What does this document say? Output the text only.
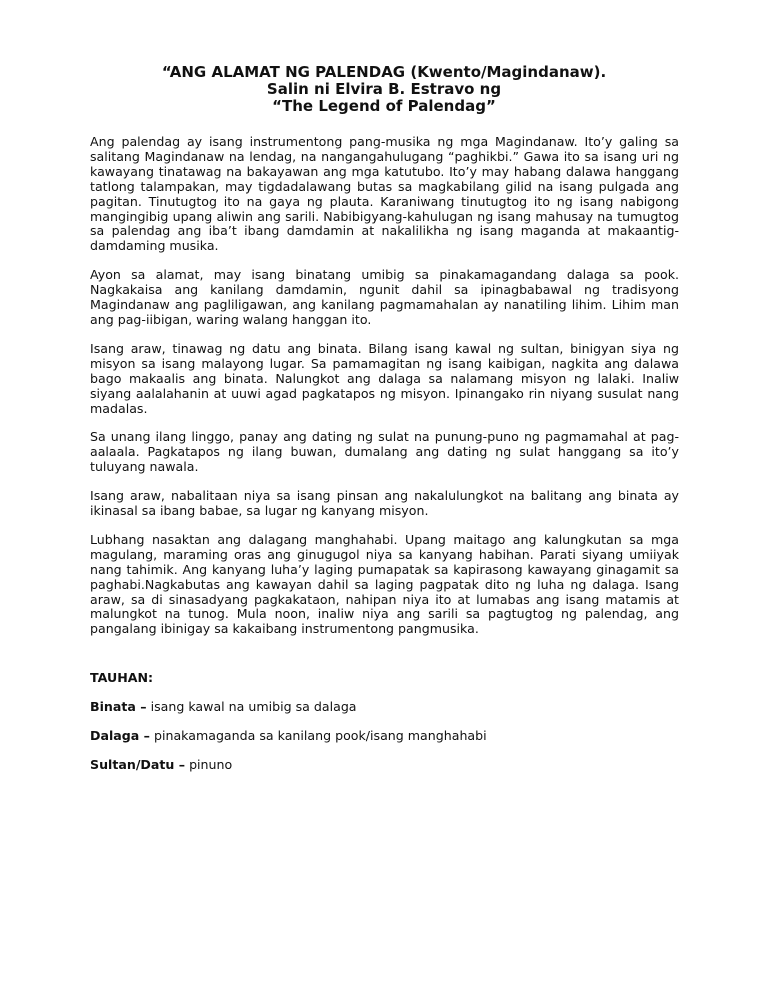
“ANG ALAMAT NG PALENDAG (Kwento/Magindanaw).
Salin ni Elvira B. Estravo ng
“The Legend of Palendag”

Ang palendag ay isang instrumentong pang-musika ng mga Magindanaw. Ito’y galing sa salitang Magindanaw na lendag, na nangangahulugang “paghikbi.” Gawa ito sa isang uri ng kawayang tinatawag na bakayawan ang mga katutubo. Ito’y may habang dalawa hanggang tatlong talampakan, may tigdadalawang butas sa magkabilang gilid na isang pulgada ang pagitan. Tinutugtog ito na gaya ng plauta. Karaniwang tinutugtog ito ng isang nabigong mangingibig upang aliwin ang sarili. Nabibigyang-kahulugan ng isang mahusay na tumugtog sa palendag ang iba’t ibang damdamin at nakalilikha ng isang maganda at makaantig-damdaming musika.

Ayon sa alamat, may isang binatang umibig sa pinakamagandang dalaga sa pook. Nagkakaisa ang kanilang damdamin, ngunit dahil sa ipinagbabawal ng tradisyong Magindanaw ang pagliligawan, ang kanilang pagmamahalan ay nanatiling lihim. Lihim man ang pag-iibigan, waring walang hanggan ito.

Isang araw, tinawag ng datu ang binata. Bilang isang kawal ng sultan, binigyan siya ng misyon sa isang malayong lugar. Sa pamamagitan ng isang kaibigan, nagkita ang dalawa bago makaalis ang binata. Nalungkot ang dalaga sa nalamang misyon ng lalaki. Inaliw siyang aalalahanin at uuwi agad pagkatapos ng misyon. Ipinangako rin niyang susulat nang madalas.

Sa unang ilang linggo, panay ang dating ng sulat na punung-puno ng pagmamahal at pag-aalaala. Pagkatapos ng ilang buwan, dumalang ang dating ng sulat hanggang sa ito’y tuluyang nawala.

Isang araw, nabalitaan niya sa isang pinsan ang nakalulungkot na balitang ang binata ay ikinasal sa ibang babae, sa lugar ng kanyang misyon.

Lubhang nasaktan ang dalagang manghahabi. Upang maitago ang kalungkutan sa mga magulang, maraming oras ang ginugugol niya sa kanyang habihan. Parati siyang umiiyak nang tahimik. Ang kanyang luha’y laging pumapatak sa kapirasong kawayang ginagamit sa paghabi.Nagkabutas ang kawayan dahil sa laging pagpatak dito ng luha ng dalaga. Isang araw, sa di sinasadyang pagkakataon, nahipan niya ito at lumabas ang isang matamis at malungkot na tunog. Mula noon, inaliw niya ang sarili sa pagtugtog ng palendag, ang pangalang ibinigay sa kakaibang instrumentong pangmusika.

TAUHAN:
Binata – isang kawal na umibig sa dalaga
Dalaga – pinakamaganda sa kanilang pook/isang manghahabi
Sultan/Datu – pinuno
